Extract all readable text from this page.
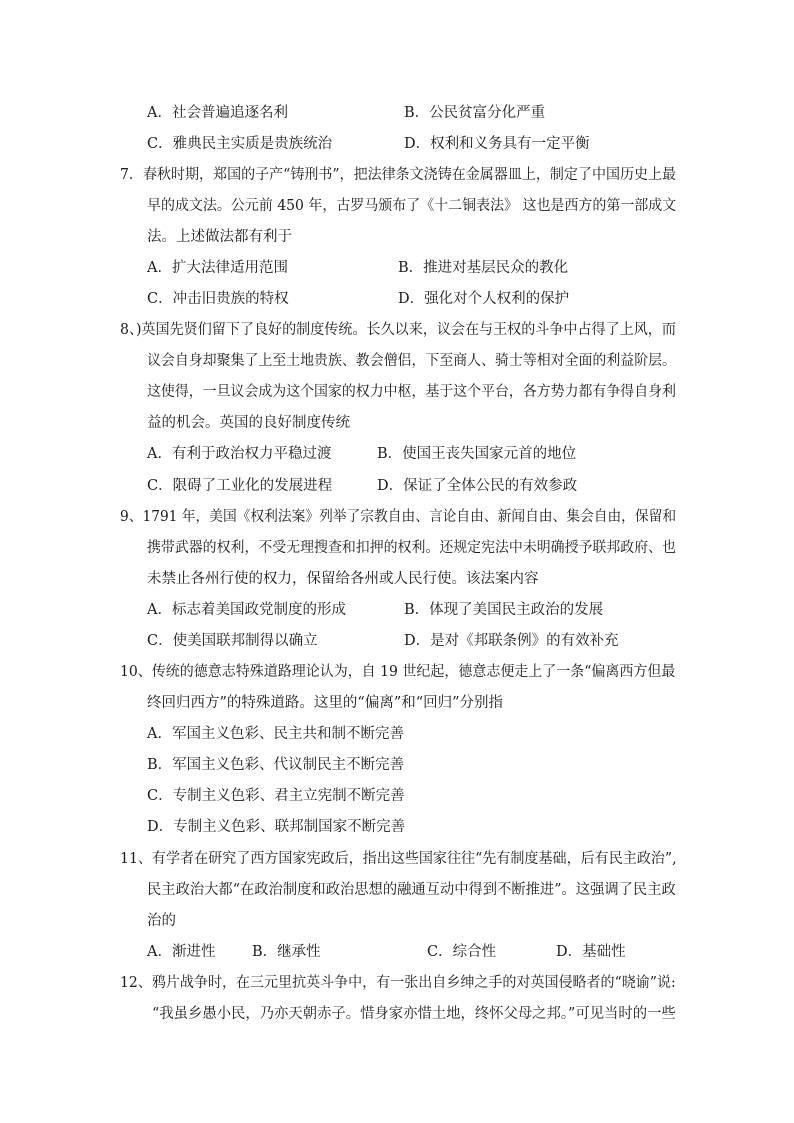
A．社会普遍追逐名利	B．公民贫富分化严重
C．雅典民主实质是贵族统治	D．权利和义务具有一定平衡
7．春秋时期，郑国的子产“铸刑书”，把法律条文浇铸在金属器皿上，制定了中国历史上最
早的成文法。公元前 450 年，古罗马颁布了《十二铜表法》 这也是西方的第一部成文
法。上述做法都有利于
A．扩大法律适用范围	B．推进对基层民众的教化
C．冲击旧贵族的特权	D．强化对个人权利的保护
8、)英国先贤们留下了良好的制度传统。长久以来，议会在与王权的斗争中占得了上风，而
议会自身却聚集了上至土地贵族、教会僧侣，下至商人、骑士等相对全面的利益阶层。
这使得，一旦议会成为这个国家的权力中枢，基于这个平台，各方势力都有争得自身利
益的机会。英国的良好制度传统
A．有利于政治权力平稳过渡	B．使国王丧失国家元首的地位
C．限碍了工业化的发展进程	D．保证了全体公民的有效参政
9、1791 年，美国《权利法案》列举了宗教自由、言论自由、新闻自由、集会自由，保留和
携带武器的权利，不受无理搜查和扣押的权利。还规定宪法中未明确授予联邦政府、也
未禁止各州行使的权力，保留给各州或人民行使。该法案内容
A．标志着美国政党制度的形成	B．体现了美国民主政治的发展
C．使美国联邦制得以确立	D．是对《邦联条例》的有效补充
10、传统的德意志特殊道路理论认为，自 19 世纪起，德意志便走上了一条“偏离西方但最
终回归西方”的特殊道路。这里的“偏离”和“回归”分别指
A．军国主义色彩、民主共和制不断完善
B．军国主义色彩、代议制民主不断完善
C．专制主义色彩、君主立宪制不断完善
D．专制主义色彩、联邦制国家不断完善
11、有学者在研究了西方国家宪政后，指出这些国家往往“先有制度基础，后有民主政治”,
民主政治大都“在政治制度和政治思想的融通互动中得到不断推进”。这强调了民主政
治的
A．渐进性	B．继承性	C．综合性	D．基础性
12、鸦片战争时，在三元里抗英斗争中，有一张出自乡绅之手的对英国侵略者的“晓谕”说:
“我虽乡愚小民，乃亦天朝赤子。惜身家亦惜土地，终怀父母之邦。”可见当时的一些
